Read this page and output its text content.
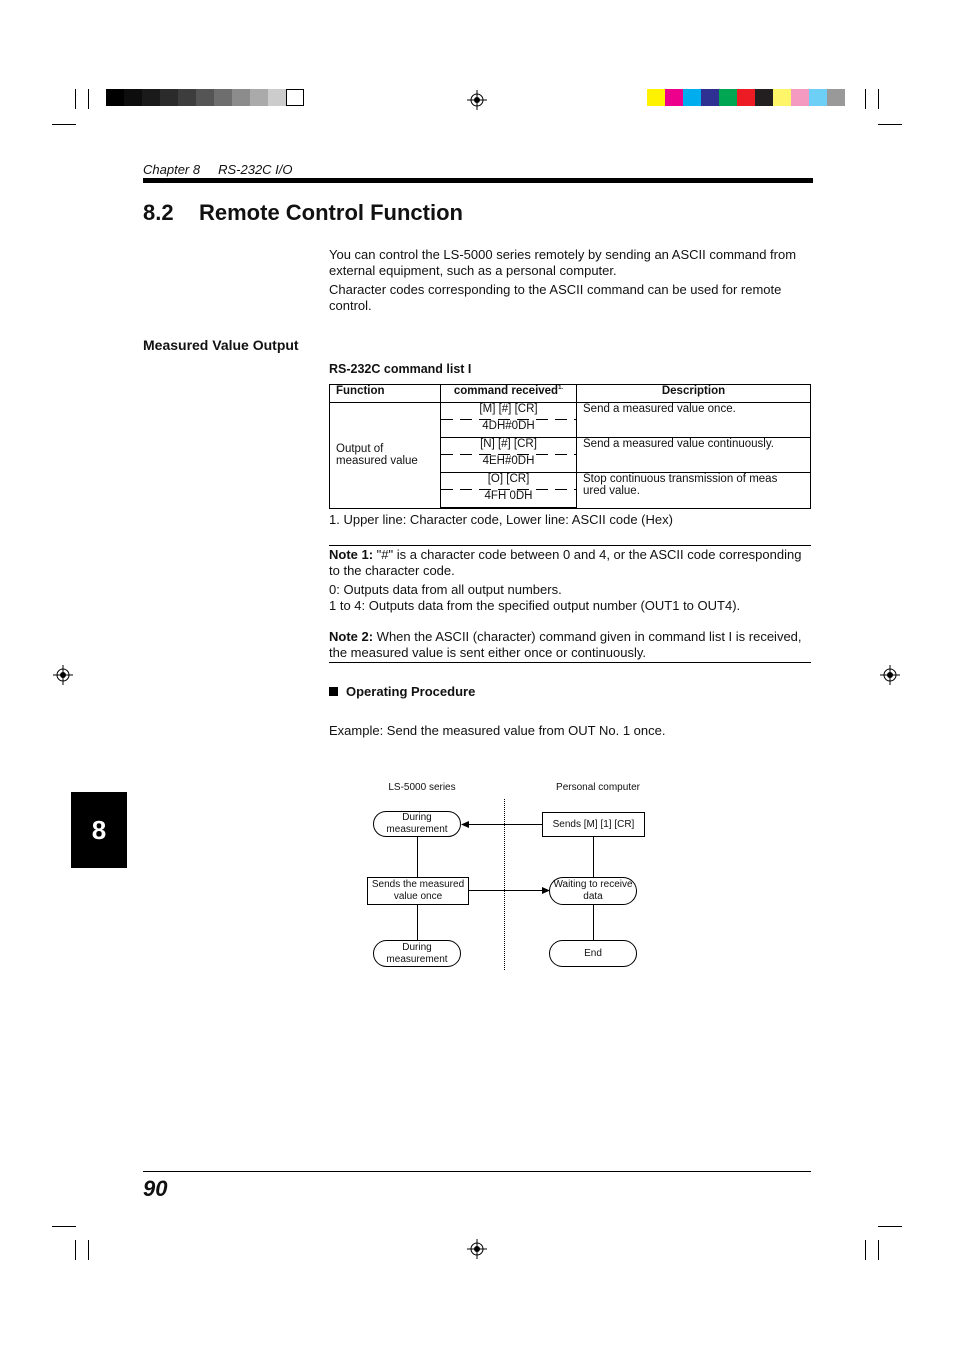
Chapter 8 RS-232C I/O
8.2 Remote Control Function
You can control the LS-5000 series remotely by sending an ASCII command from external equipment, such as a personal computer.
Character codes corresponding to the ASCII command can be used for remote control.
Measured Value Output
RS-232C command list I
Function	command received$^{1.}$	Description
Output of measured value	[M] [#] [CR]	Send a measured value once.
	4DH#0DH	
	[N] [#] [CR]	Send a measured value continuously.
	4EH#0DH	
	[O] [CR]	Stop continuous transmission of meas          ured value.
	4FH 0DH	
1. Upper line: Character code, Lower line: ASCII code (Hex)
Note 1: "#" is a character code between 0 and 4, or the ASCII code corresponding to the character code.
0: Outputs data from all output numbers.
1 to 4: Outputs data from the specified output number (OUT1 to OUT4).
Note 2: When the ASCII (character) command given in command list I is received, the measured value is sent either once or continuously.
Operating Procedure
Example: Send the measured value from OUT No. 1 once.
8
LS-5000 series	Personal computer
During measurement
Sends the measured value once
During measurement
Sends [M] [1] [CR]
Waiting to receive data
End
90
